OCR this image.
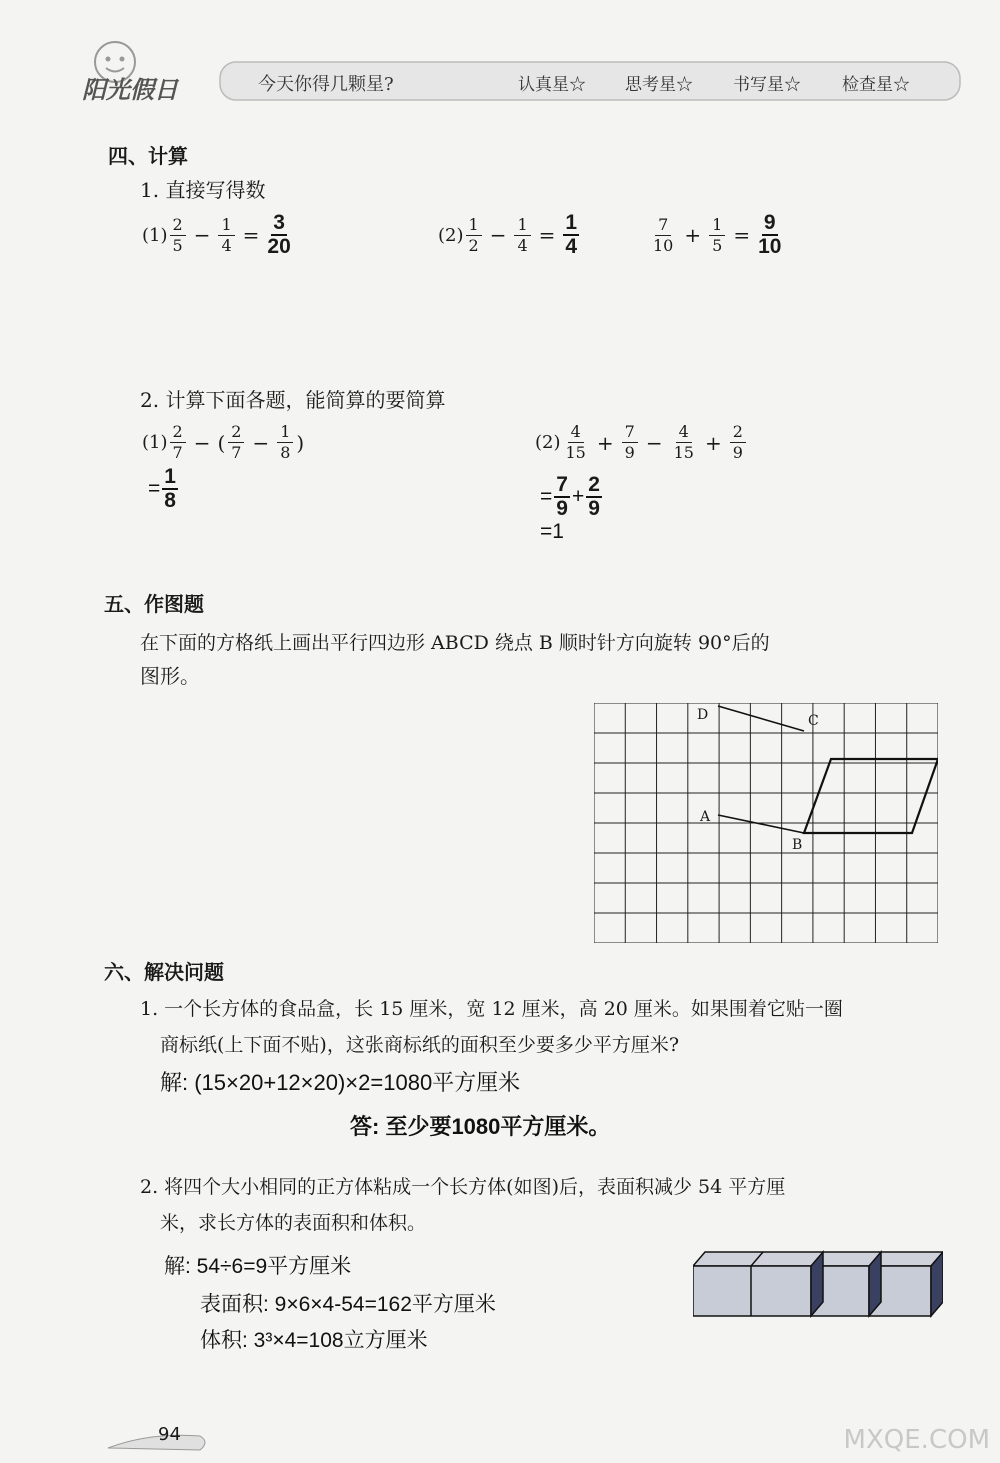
阳光假日	今天你得几颗星?	认真星☆ 思考星☆ 书写星☆ 检查星☆
四、计算
1. 直接写得数
$(1) \frac{2}{5} - \frac{1}{4} = \frac{3}{20}$	$(2) \frac{1}{2} - \frac{1}{4} = \frac{1}{4}$	$\frac{7}{10} + \frac{1}{5} = \frac{9}{10}$
2. 计算下面各题，能简算的要简算
$(1) \frac{2}{7}$ − ( $\frac{2}{7} - \frac{1}{8}$ )
= $\frac{1}{8}$
$(2) \frac{4}{15} + \frac{7}{9} - \frac{4}{15} + \frac{2}{9}$
= $\frac{7}{9} + \frac{2}{9}$
=1
五、作图题
在下面的方格纸上画出平行四边形 ABCD 绕点 B 顺时针方向旋转 90°后的
图形。
D	C
A
B
六、解决问题
1. 一个长方体的食品盒，长 15 厘米，宽 12 厘米，高 20 厘米。如果围着它贴一圈
商标纸(上下面不贴)，这张商标纸的面积至少要多少平方厘米?
解: (15×20+12×20)×2=1080平方厘米
答: 至少要1080平方厘米。
2. 将四个大小相同的正方体粘成一个长方体(如图)后，表面积减少 54 平方厘
米，求长方体的表面积和体积。
解: 54÷6=9平方厘米
表面积: 9×6×4-54=162平方厘米
体积: 3³×4=108立方厘米
94	MXQE.COM
